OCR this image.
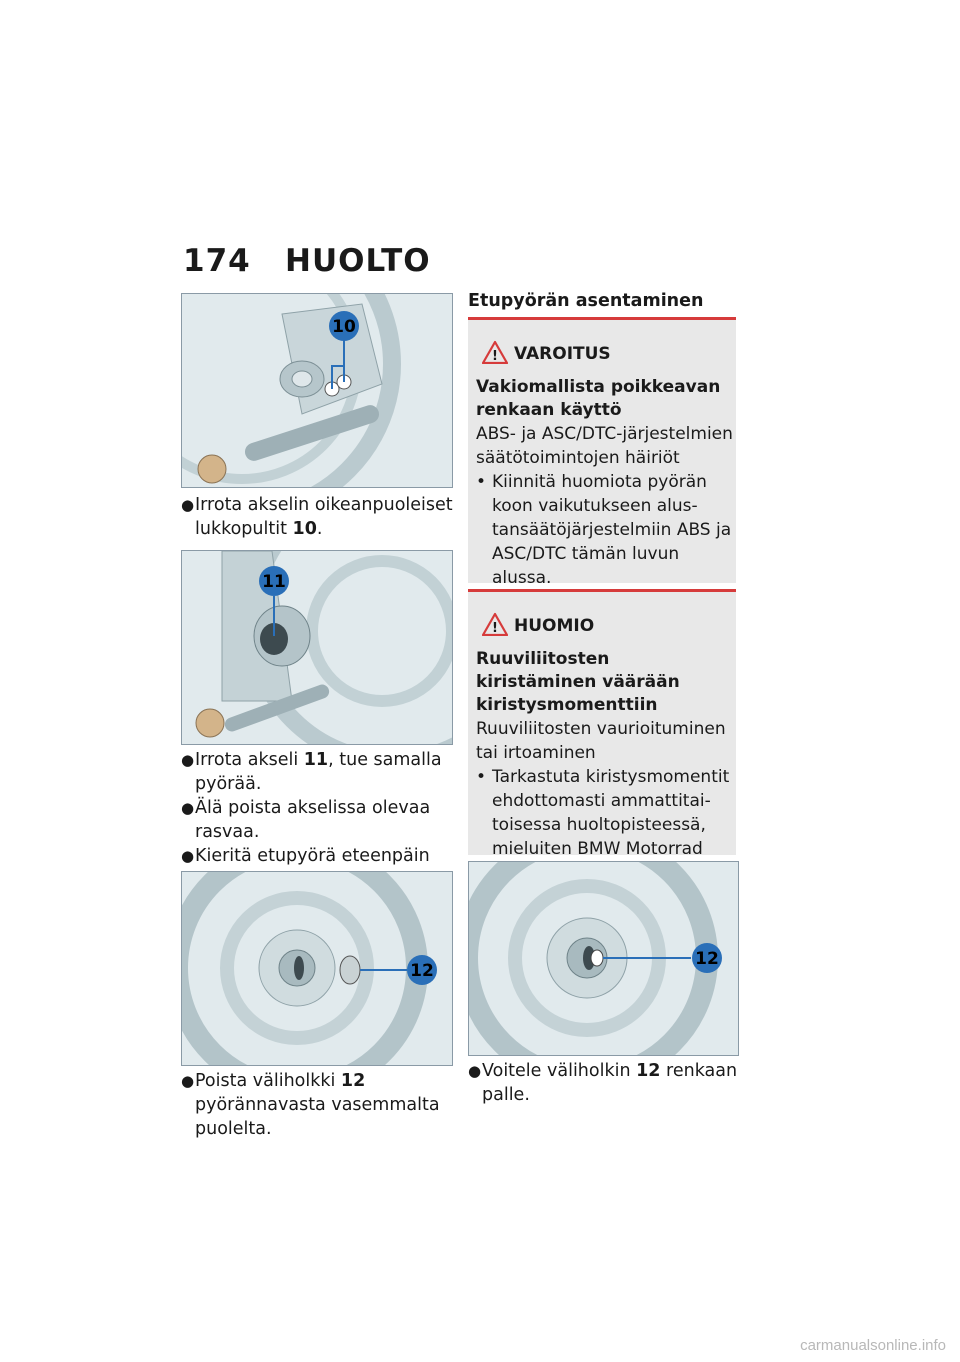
174 HUOLTO
10
● Irrota akselin oikeanpuoleiset lukkopultit 10.
11
● Irrota akseli 11, tue samalla pyörää.
● Älä poista akselissa olevaa rasvaa.
● Kieritä etupyörä eteenpäin
12
● Poista väliholkki 12 pyörännavasta vasemmalta puolelta.
Etupyörän asentaminen
! VAROITUS
Vakiomallista poikkeavan renkaan käyttö
ABS- ja ASC/DTC-järjestelmien säätötoimintojen häiriöt
• Kiinnitä huomiota pyörän koon vaikutukseen alustansäätöjärjestelmiin ABS ja ASC/DTC tämän luvun alussa.
! HUOMIO
Ruuviliitosten kiristäminen väärään kiristysmomenttiin
Ruuviliitosten vaurioituminen tai irtoaminen
• Tarkastuta kiristysmomentit ehdottomasti ammattitaitoisessa huoltopisteessä, mieluiten BMW Motorrad
12
● Voitele väliholkin 12 renkaan palle.
carmanualsonline.info
